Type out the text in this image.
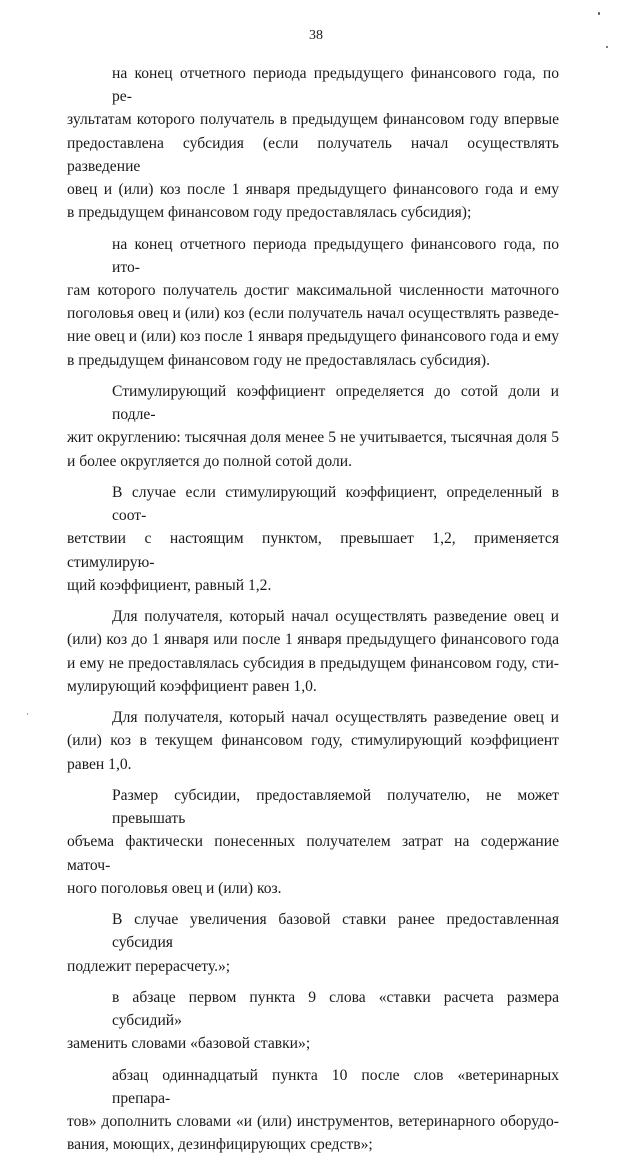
38
на конец отчетного периода предыдущего финансового года, по ре-
зультатам которого получатель в предыдущем финансовом году впервые
предоставлена субсидия (если получатель начал осуществлять разведение
овец и (или) коз после 1 января предыдущего финансового года и ему
в предыдущем финансовом году предоставлялась субсидия);
на конец отчетного периода предыдущего финансового года, по ито-
гам которого получатель достиг максимальной численности маточного
поголовья овец и (или) коз (если получатель начал осуществлять разведе-
ние овец и (или) коз после 1 января предыдущего финансового года и ему
в предыдущем финансовом году не предоставлялась субсидия).
Стимулирующий коэффициент определяется до сотой доли и подле-
жит округлению: тысячная доля менее 5 не учитывается, тысячная доля 5
и более округляется до полной сотой доли.
В случае если стимулирующий коэффициент, определенный в соот-
ветствии с настоящим пунктом, превышает 1,2, применяется стимулирую-
щий коэффициент, равный 1,2.
Для получателя, который начал осуществлять разведение овец и
(или) коз до 1 января или после 1 января предыдущего финансового года
и ему не предоставлялась субсидия в предыдущем финансовом году, сти-
мулирующий коэффициент равен 1,0.
Для получателя, который начал осуществлять разведение овец и
(или) коз в текущем финансовом году, стимулирующий коэффициент
равен 1,0.
Размер субсидии, предоставляемой получателю, не может превышать
объема фактически понесенных получателем затрат на содержание маточ-
ного поголовья овец и (или) коз.
В случае увеличения базовой ставки ранее предоставленная субсидия
подлежит перерасчету.»;
в абзаце первом пункта 9 слова «ставки расчета размера субсидий»
заменить словами «базовой ставки»;
абзац одиннадцатый пункта 10 после слов «ветеринарных препара-
тов» дополнить словами «и (или) инструментов, ветеринарного оборудо-
вания, моющих, дезинфицирующих средств»;
